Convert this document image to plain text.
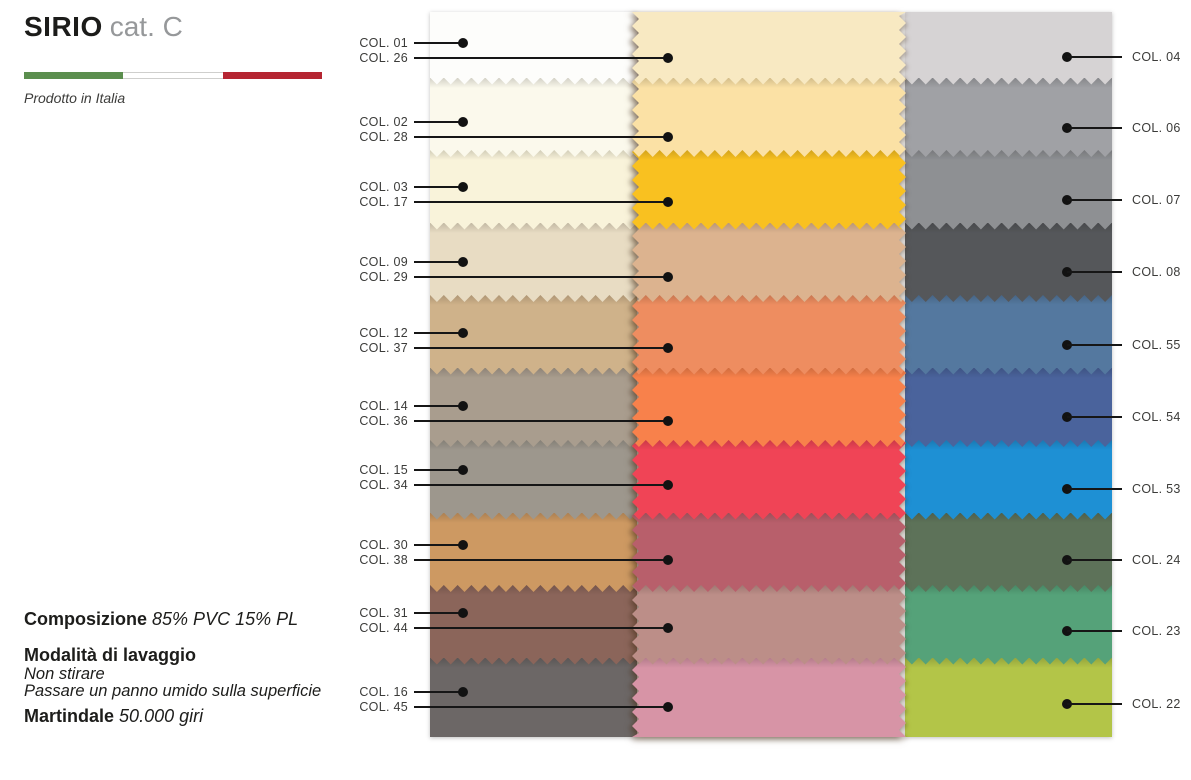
SIRIO cat. C
Prodotto in Italia
Composizione 85% PVC 15% PL
Modalità di lavaggio
Non stirare
Passare un panno umido sulla superficie
Martindale 50.000 giri
COL. 01
COL. 26
COL. 02
COL. 28
COL. 03
COL. 17
COL. 09
COL. 29
COL. 12
COL. 37
COL. 14
COL. 36
COL. 15
COL. 34
COL. 30
COL. 38
COL. 31
COL. 44
COL. 16
COL. 45
COL. 04
COL. 06
COL. 07
COL. 08
COL. 55
COL. 54
COL. 53
COL. 24
COL. 23
COL. 22
